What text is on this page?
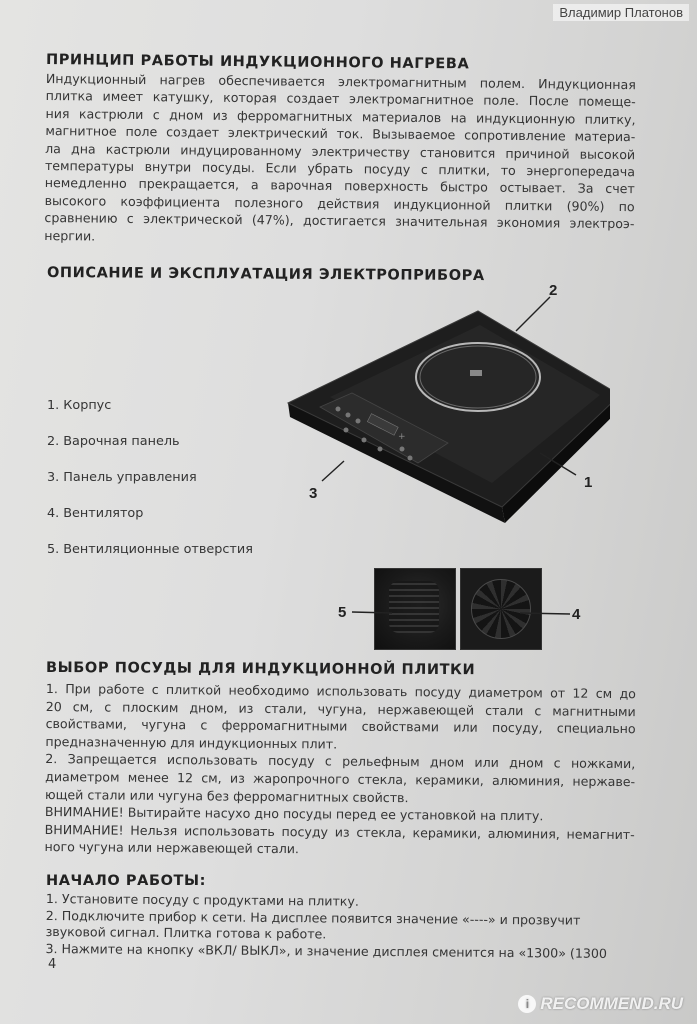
Владимир Платонов
ПРИНЦИП РАБОТЫ ИНДУКЦИОННОГО НАГРЕВА
Индукционный нагрев обеспечивается электромагнитным полем. Индукционная
плитка имеет катушку, которая создает электромагнитное поле. После помеще-
ния кастрюли с дном из ферромагнитных материалов на индукционную плитку,
магнитное поле создает электрический ток. Вызываемое сопротивление материа-
ла дна кастрюли индуцированному электричеству становится причиной высокой
температуры внутри посуды. Если убрать посуду с плитки, то энергопередача
немедленно прекращается, а варочная поверхность быстро остывает. За счет
высокого коэффициента полезного действия индукционной плитки (90%) по
сравнению с электрической (47%), достигается значительная экономия электроэ-
нергии.
ОПИСАНИЕ И ЭКСПЛУАТАЦИЯ ЭЛЕКТРОПРИБОРА
1. Корпус
2. Варочная панель
3. Панель управления
4. Вентилятор
5. Вентиляционные отверстия
+
2
1
3
5	4
ВЫБОР ПОСУДЫ ДЛЯ ИНДУКЦИОННОЙ ПЛИТКИ
1. При работе с плиткой необходимо использовать посуду диаметром от 12 см до
20 см, с плоским дном, из стали, чугуна, нержавеющей стали с магнитными
свойствами, чугуна с ферромагнитными свойствами или посуду, специально
предназначенную для индукционных плит.
2. Запрещается использовать посуду с рельефным дном или дном с ножками,
диаметром менее 12 см, из жаропрочного стекла, керамики, алюминия, нержаве-
ющей стали или чугуна без ферромагнитных свойств.
ВНИМАНИЕ! Вытирайте насухо дно посуды перед ее установкой на плиту.
ВНИМАНИЕ! Нельзя использовать посуду из стекла, керамики, алюминия, немагнит-
ного чугуна или нержавеющей стали.
НАЧАЛО РАБОТЫ:
1. Установите посуду с продуктами на плитку.
2. Подключите прибор к сети. На дисплее появится значение «----» и прозвучит
звуковой сигнал. Плитка готова к работе.
3. Нажмите на кнопку «ВКЛ/ ВЫКЛ», и значение дисплея сменится на «1300» (1300
4
i RECOMMEND.RU
